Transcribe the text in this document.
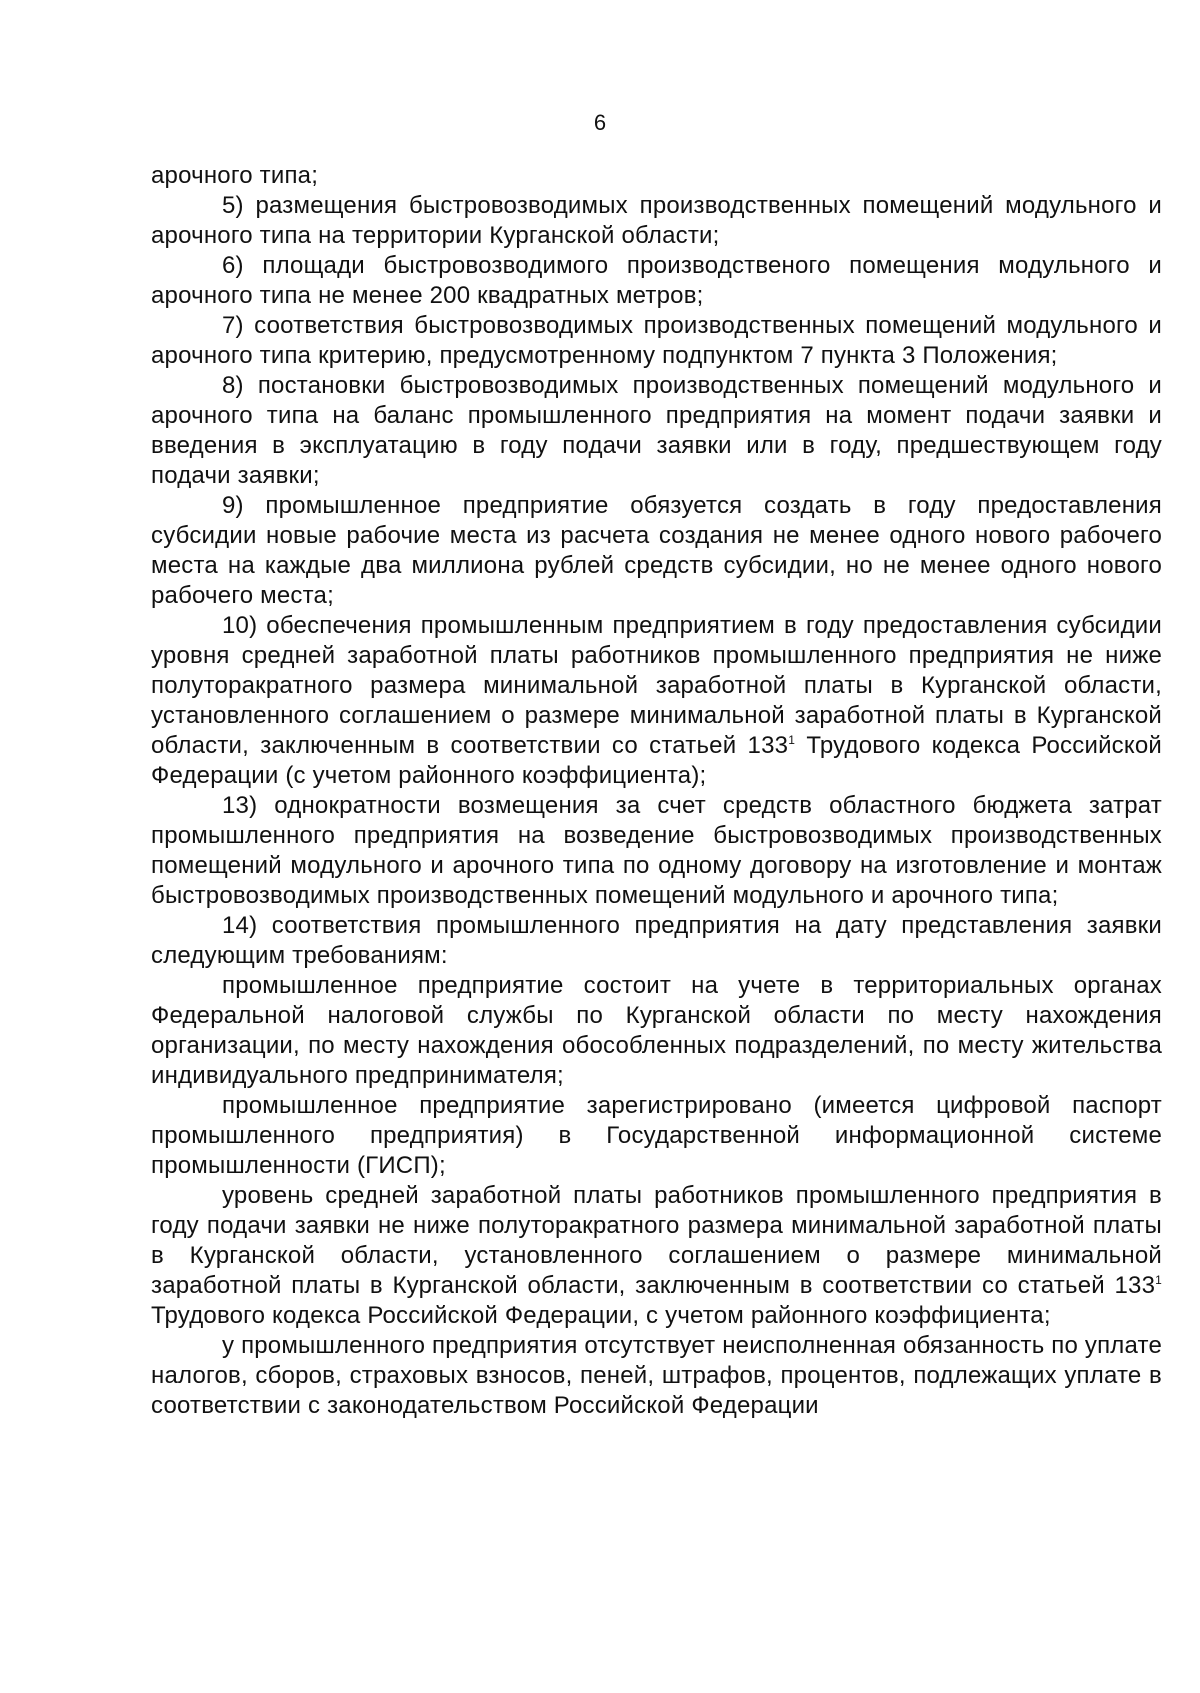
6

арочного типа;

5) размещения быстровозводимых производственных помещений модульного и арочного типа на территории Курганской области;

6) площади быстровозводимого производственого помещения модульного и арочного типа не менее 200 квадратных метров;

7) соответствия быстровозводимых производственных помещений модульного и арочного типа критерию, предусмотренному подпунктом 7 пункта 3 Положения;

8) постановки быстровозводимых производственных помещений модульного и арочного типа на баланс промышленного предприятия на момент подачи заявки и введения в эксплуатацию в году подачи заявки или в году, предшествующем году подачи заявки;

9) промышленное предприятие обязуется создать в году предоставления субсидии новые рабочие места из расчета создания не менее одного нового рабочего места на каждые два миллиона рублей средств субсидии, но не менее одного нового рабочего места;

10) обеспечения промышленным предприятием в году предоставления субсидии уровня средней заработной платы работников промышленного предприятия не ниже полуторакратного размера минимальной заработной платы в Курганской области, установленного соглашением о размере минимальной заработной платы в Курганской области, заключенным в соответствии со статьей $133^1$ Трудового кодекса Российской Федерации (с учетом районного коэффициента);

13) однократности возмещения за счет средств областного бюджета затрат промышленного предприятия на возведение быстровозводимых производственных помещений модульного и арочного типа по одному договору на изготовление и монтаж быстровозводимых производственных помещений модульного и арочного типа;

14) соответствия промышленного предприятия на дату представления заявки следующим требованиям:

промышленное предприятие состоит на учете в территориальных органах Федеральной налоговой службы по Курганской области по месту нахождения организации, по месту нахождения обособленных подразделений, по месту жительства индивидуального предпринимателя;

промышленное предприятие зарегистрировано (имеется цифровой паспорт промышленного предприятия) в Государственной информационной системе промышленности (ГИСП);

уровень средней заработной платы работников промышленного предприятия в году подачи заявки не ниже полуторакратного размера минимальной заработной платы в Курганской области, установленного соглашением о размере минимальной заработной платы в Курганской области, заключенным в соответствии со статьей $133^1$ Трудового кодекса Российской Федерации, с учетом районного коэффициента;

у промышленного предприятия отсутствует неисполненная обязанность по уплате налогов, сборов, страховых взносов, пеней, штрафов, процентов, подлежащих уплате в соответствии с законодательством Российской Федерации
